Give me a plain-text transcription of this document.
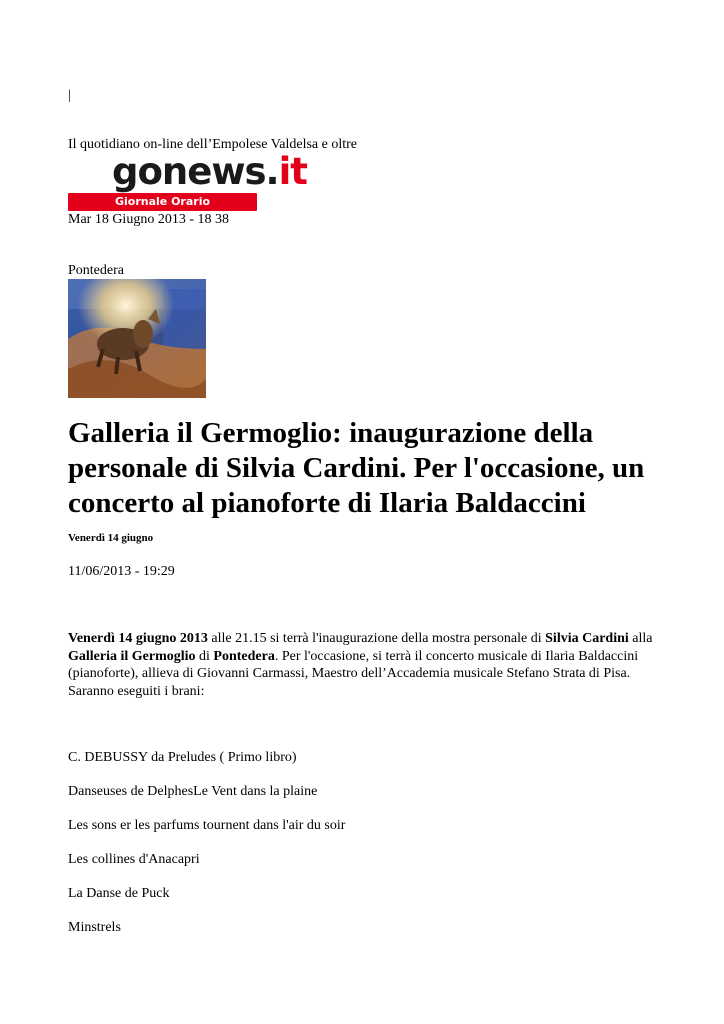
|
Il quotidiano on-line dell’Empolese Valdelsa e oltre
gonews.it
Giornale Orario
Mar 18 Giugno 2013 - 18 38
Pontedera
Galleria il Germoglio: inaugurazione della personale di Silvia Cardini. Per l'occasione, un concerto al pianoforte di Ilaria Baldaccini
Venerdì 14 giugno
11/06/2013 - 19:29
Venerdì 14 giugno 2013 alle 21.15 si terrà l'inaugurazione della mostra personale di Silvia Cardini alla Galleria il Germoglio di Pontedera. Per l'occasione, si terrà il concerto musicale di Ilaria Baldaccini (pianoforte), allieva di Giovanni Carmassi, Maestro dell’Accademia musicale Stefano Strata di Pisa. Saranno eseguiti i brani:
C. DEBUSSY da Preludes ( Primo libro)
Danseuses de DelphesLe Vent dans la plaine
Les sons er les parfums tournent dans l'air du soir
Les collines d'Anacapri
La Danse de Puck
Minstrels
